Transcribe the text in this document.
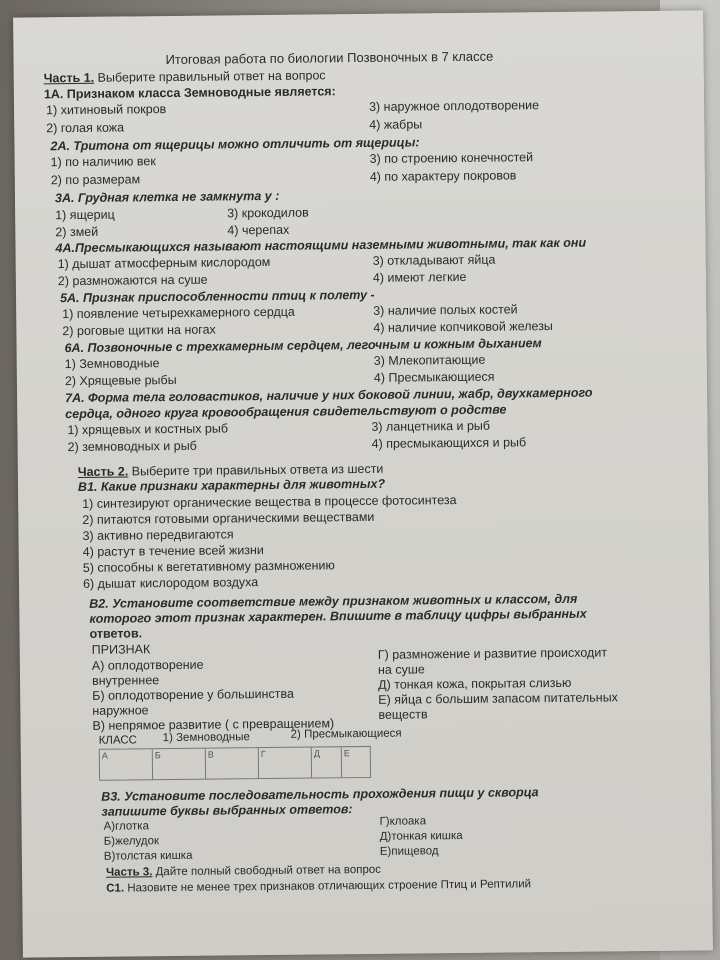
Итоговая работа по биологии Позвоночных в 7 классе
Часть 1. Выберите правильный ответ на вопрос
1А. Признаком класса Земноводные является:
1) хитиновый покров
2) голая кожа
3) наружное оплодотворение
4) жабры
2А. Тритона от ящерицы можно отличить от ящерицы:
1) по наличию век
2) по размерам
3) по строению конечностей
4) по характеру покровов
3А. Грудная клетка не замкнута у :
1) ящериц
2) змей
3) крокодилов
4) черепах
4А.Пресмыкающихся называют настоящими наземными животными, так как они
1) дышат атмосферным кислородом
2) размножаются на суше
3) откладывают яйца
4) имеют легкие
5А. Признак приспособленности птиц к полету -
1) появление четырехкамерного сердца
2) роговые щитки на ногах
3) наличие полых костей
4) наличие копчиковой железы
6А. Позвоночные с трехкамерным сердцем, легочным и кожным дыханием
1) Земноводные
2) Хрящевые рыбы
3) Млекопитающие
4) Пресмыкающиеся
7А. Форма тела головастиков, наличие у них боковой линии, жабр, двухкамерного
сердца, одного круга кровообращения свидетельствуют о родстве
1) хрящевых и костных рыб
2) земноводных и рыб
3) ланцетника и рыб
4) пресмыкающихся и рыб
Часть 2. Выберите три правильных ответа из шести
В1. Какие признаки характерны для животных?
1) синтезируют органические вещества в процессе фотосинтеза
2) питаются готовыми органическими веществами
3) активно передвигаются
4) растут в течение всей жизни
5) способны к вегетативному размножению
6) дышат кислородом воздуха
В2. Установите соответствие между признаком животных и классом, для
которого этот признак характерен. Впишите в таблицу цифры выбранных
ответов.
ПРИЗНАК
А) оплодотворение
внутреннее
Б) оплодотворение у большинства
наружное
В) непрямое развитие ( с превращением)
Г) размножение и развитие происходит
на суше
Д) тонкая кожа, покрытая слизью
Е) яйца с большим запасом питательных
веществ
КЛАСС 1) Земноводные	2) Пресмыкающиеся
А	Б	В	Г	Д	Е
В3. Установите последовательность прохождения пищи у скворца
запишите буквы выбранных ответов:
А)глотка
Б)желудок
В)толстая кишка
Г)клоака
Д)тонкая кишка
Е)пищевод
Часть 3. Дайте полный свободный ответ на вопрос
С1. Назовите не менее трех признаков отличающих строение Птиц и Рептилий
